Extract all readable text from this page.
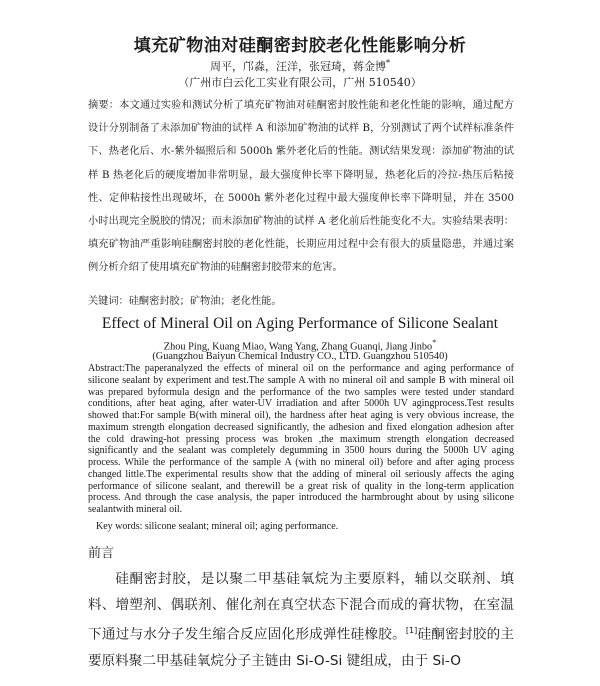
填充矿物油对硅酮密封胶老化性能影响分析
周平，邝淼，汪洋，张冠琦，蒋金博*
（广州市白云化工实业有限公司，广州 510540）

摘要：本文通过实验和测试分析了填充矿物油对硅酮密封胶性能和老化性能的影响，通过配方设计分别制备了未添加矿物油的试样 A 和添加矿物油的试样 B，分别测试了两个试样标准条件下、热老化后、水-紫外辐照后和 5000h 紫外老化后的性能。测试结果发现：添加矿物油的试样 B 热老化后的硬度增加非常明显，最大强度伸长率下降明显，热老化后的冷拉-热压后粘接性、定伸粘接性出现破坏，在 5000h 紫外老化过程中最大强度伸长率下降明显，并在 3500 小时出现完全脱胶的情况；而未添加矿物油的试样 A 老化前后性能变化不大。实验结果表明：填充矿物油严重影响硅酮密封胶的老化性能，长期应用过程中会有很大的质量隐患，并通过案例分析介绍了使用填充矿物油的硅酮密封胶带来的危害。

关键词：硅酮密封胶；矿物油；老化性能。
Effect of Mineral Oil on Aging Performance of Silicone Sealant
Zhou Ping, Kuang Miao, Wang Yang, Zhang Guanqi, Jiang Jinbo*
(Guangzhou Baiyun Chemical Industry CO., LTD. Guangzhou 510540)

Abstract:The paperanalyzed the effects of mineral oil on the performance and aging performance of silicone sealant by experiment and test.The sample A with no mineral oil and sample B with mineral oil was prepared byformula design and the performance of the two samples were tested under standard conditions, after heat aging, after water-UV irradiation and after 5000h UV agingprocess.Test results showed that:For sample B(with mineral oil), the hardness after heat aging is very obvious increase, the maximum strength elongation decreased significantly, the adhesion and fixed elongation adhesion after the cold drawing-hot pressing process was broken ,the maximum strength elongation decreased significantly and the sealant was completely degumming in 3500 hours during the 5000h UV aging process. While the performance of the sample A (with no mineral oil) before and after aging process changed little.The experimental results show that the adding of mineral oil seriously affects the aging performance of silicone sealant, and therewill be a great risk of quality in the long-term application process. And through the case analysis, the paper introduced the harmbrought about by using silicone sealantwith mineral oil.

Key words: silicone sealant; mineral oil; aging performance.
前言

硅酮密封胶，是以聚二甲基硅氧烷为主要原料，辅以交联剂、填料、增塑剂、偶联剂、催化剂在真空状态下混合而成的膏状物，在室温下通过与水分子发生缩合反应固化形成弹性硅橡胶。[1]硅酮密封胶的主要原料聚二甲基硅氧烷分子主链由 Si-O-Si 键组成，由于 Si-O
